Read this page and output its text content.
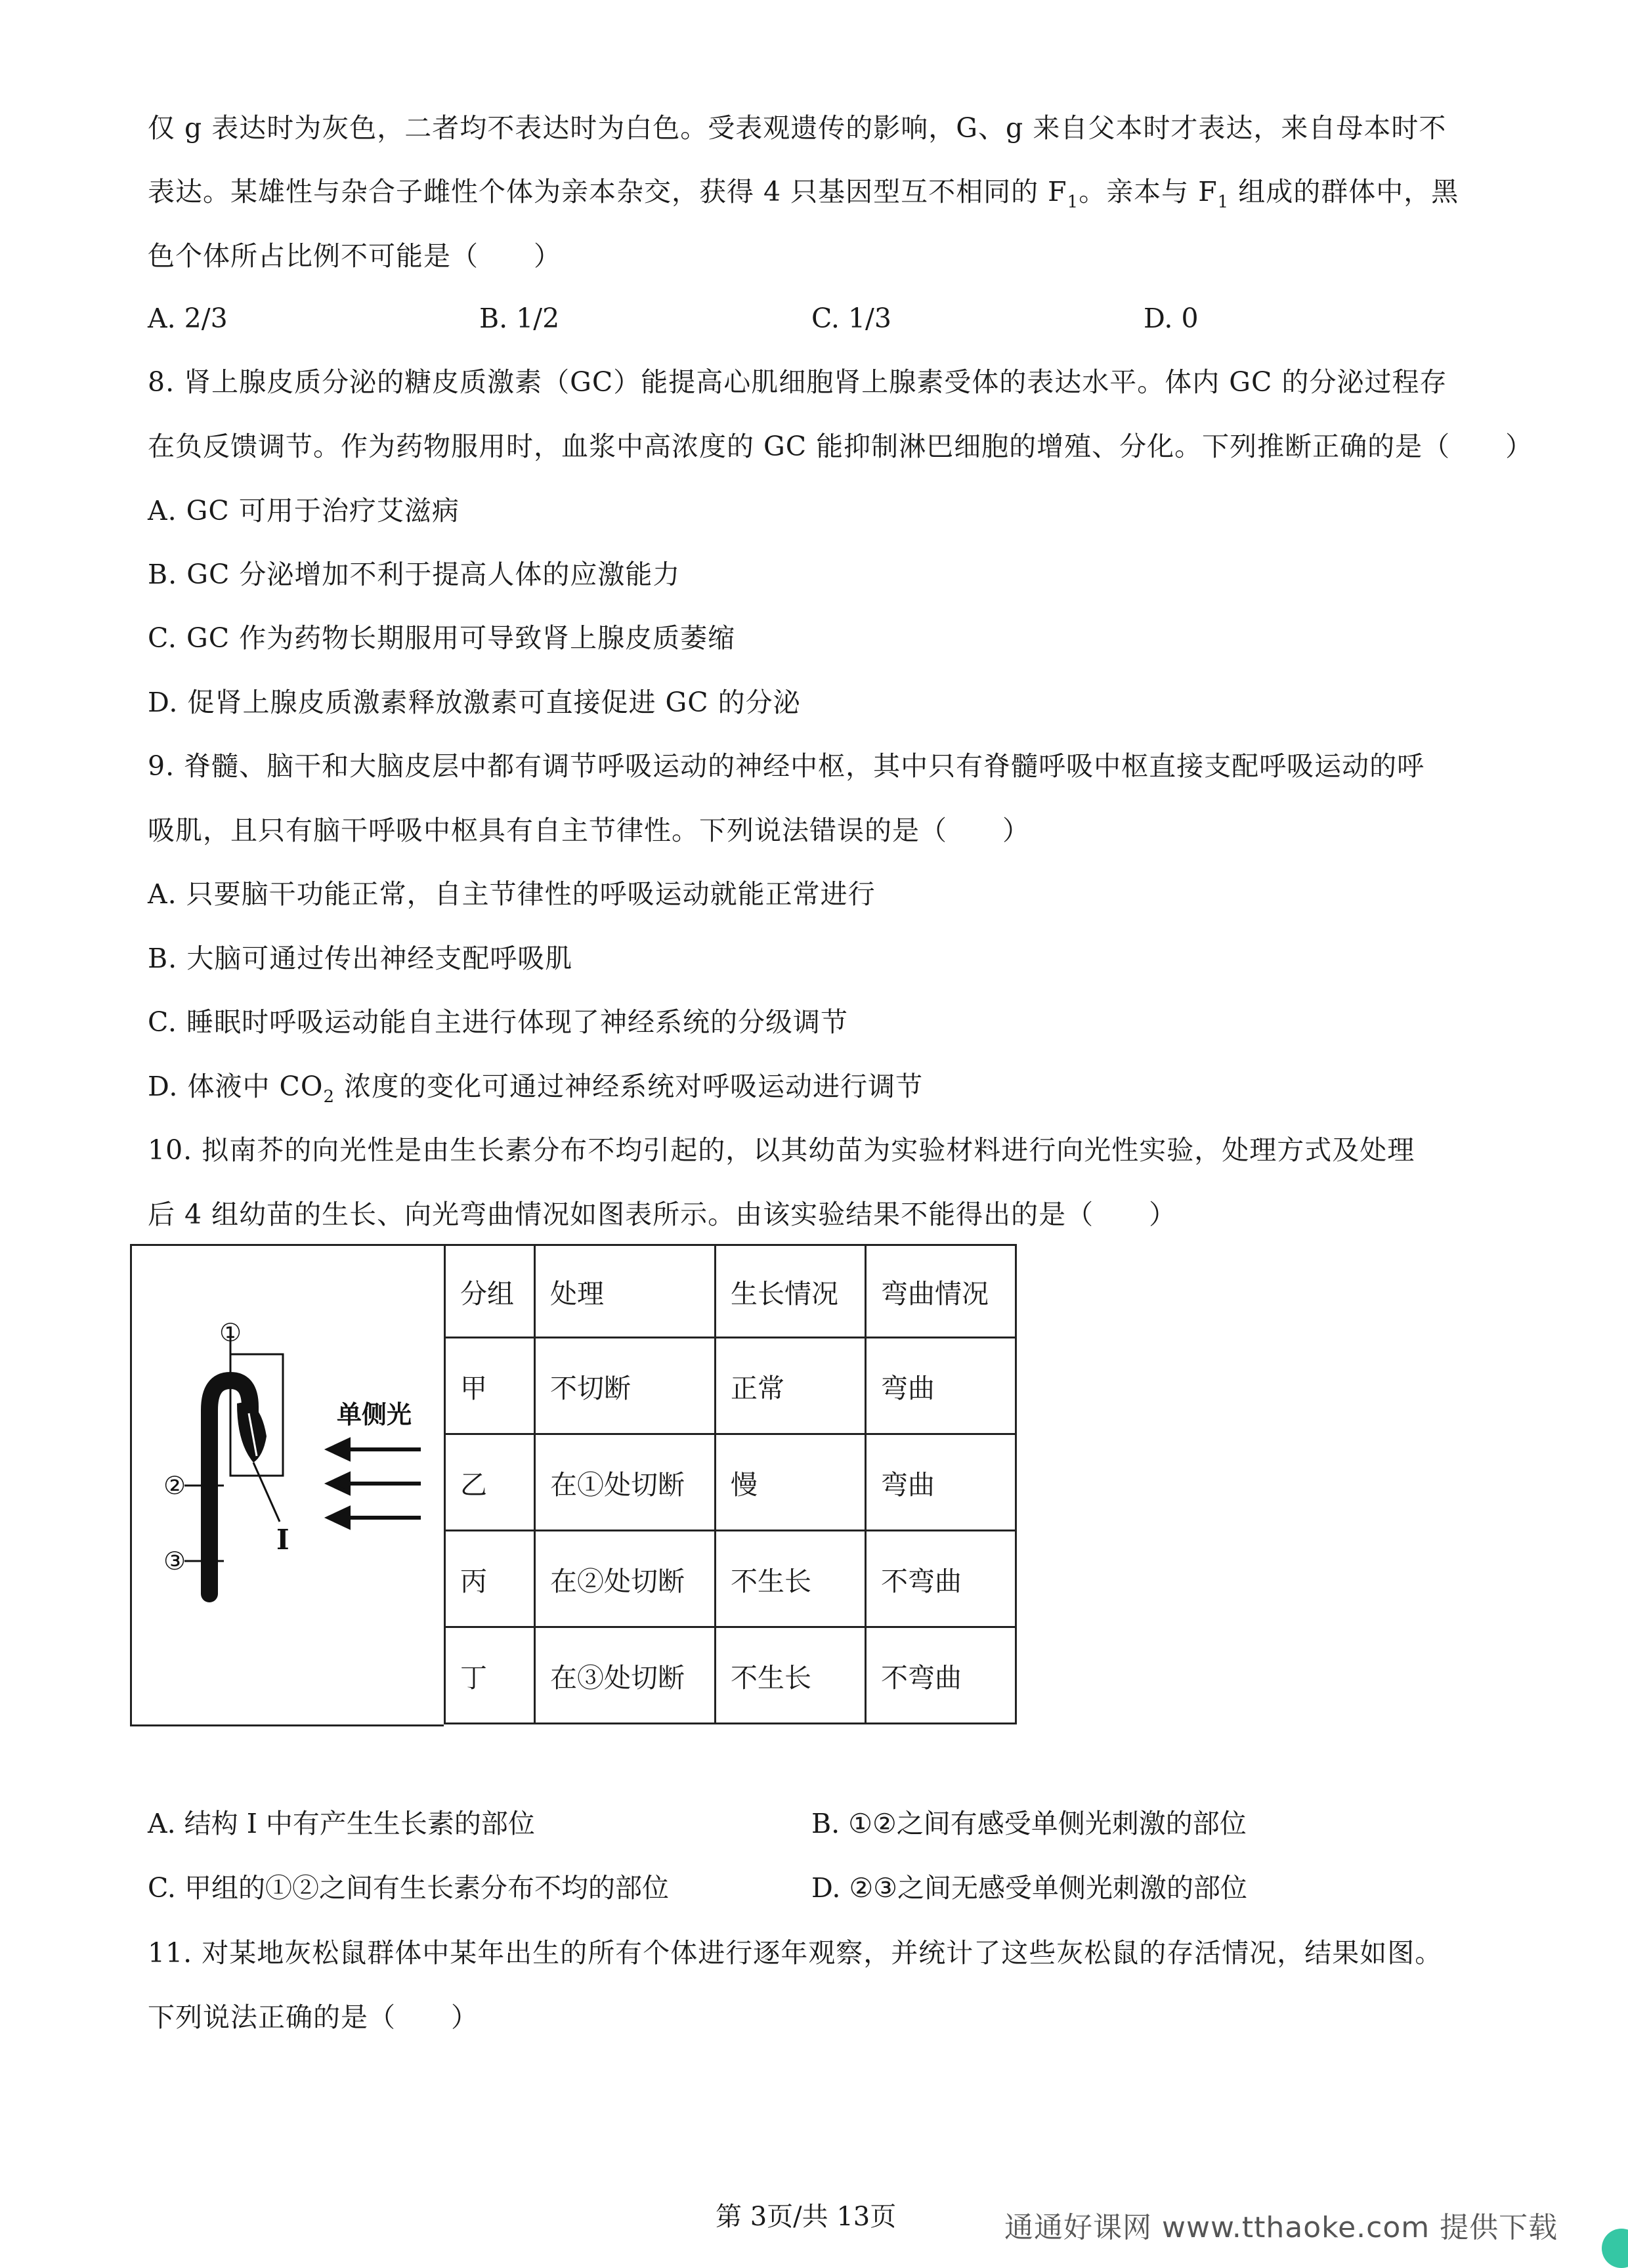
仅 g 表达时为灰色，二者均不表达时为白色。受表观遗传的影响，G、g 来自父本时才表达，来自母本时不
表达。某雄性与杂合子雌性个体为亲本杂交，获得 4 只基因型互不相同的 $F_1$。亲本与 $F_1$ 组成的群体中，黑
色个体所占比例不可能是（　　）
A. 2/3	B. 1/2	C. 1/3	D. 0
8. 肾上腺皮质分泌的糖皮质激素（GC）能提高心肌细胞肾上腺素受体的表达水平。体内 GC 的分泌过程存
在负反馈调节。作为药物服用时，血浆中高浓度的 GC 能抑制淋巴细胞的增殖、分化。下列推断正确的是（　　）
A. GC 可用于治疗艾滋病
B. GC 分泌增加不利于提高人体的应激能力
C. GC 作为药物长期服用可导致肾上腺皮质萎缩
D. 促肾上腺皮质激素释放激素可直接促进 GC 的分泌
9. 脊髓、脑干和大脑皮层中都有调节呼吸运动的神经中枢，其中只有脊髓呼吸中枢直接支配呼吸运动的呼
吸肌，且只有脑干呼吸中枢具有自主节律性。下列说法错误的是（　　）
A. 只要脑干功能正常，自主节律性的呼吸运动就能正常进行
B. 大脑可通过传出神经支配呼吸肌
C. 睡眠时呼吸运动能自主进行体现了神经系统的分级调节
D. 体液中 $CO_2$ 浓度的变化可通过神经系统对呼吸运动进行调节
10. 拟南芥的向光性是由生长素分布不均引起的，以其幼苗为实验材料进行向光性实验，处理方式及处理
后 4 组幼苗的生长、向光弯曲情况如图表所示。由该实验结果不能得出的是（　　）
I
①
②
③
单侧光
分组	处理	生长情况	弯曲情况
甲	不切断	正常	弯曲
乙	在①处切断	慢	弯曲
丙	在②处切断	不生长	不弯曲
丁	在③处切断	不生长	不弯曲
A. 结构 I 中有产生生长素的部位	B. ①②之间有感受单侧光刺激的部位
C. 甲组的①②之间有生长素分布不均的部位	D. ②③之间无感受单侧光刺激的部位
11. 对某地灰松鼠群体中某年出生的所有个体进行逐年观察，并统计了这些灰松鼠的存活情况，结果如图。
下列说法正确的是（　　）
第 3页/共 13页	通通好课网 www.tthaoke.com 提供下载
